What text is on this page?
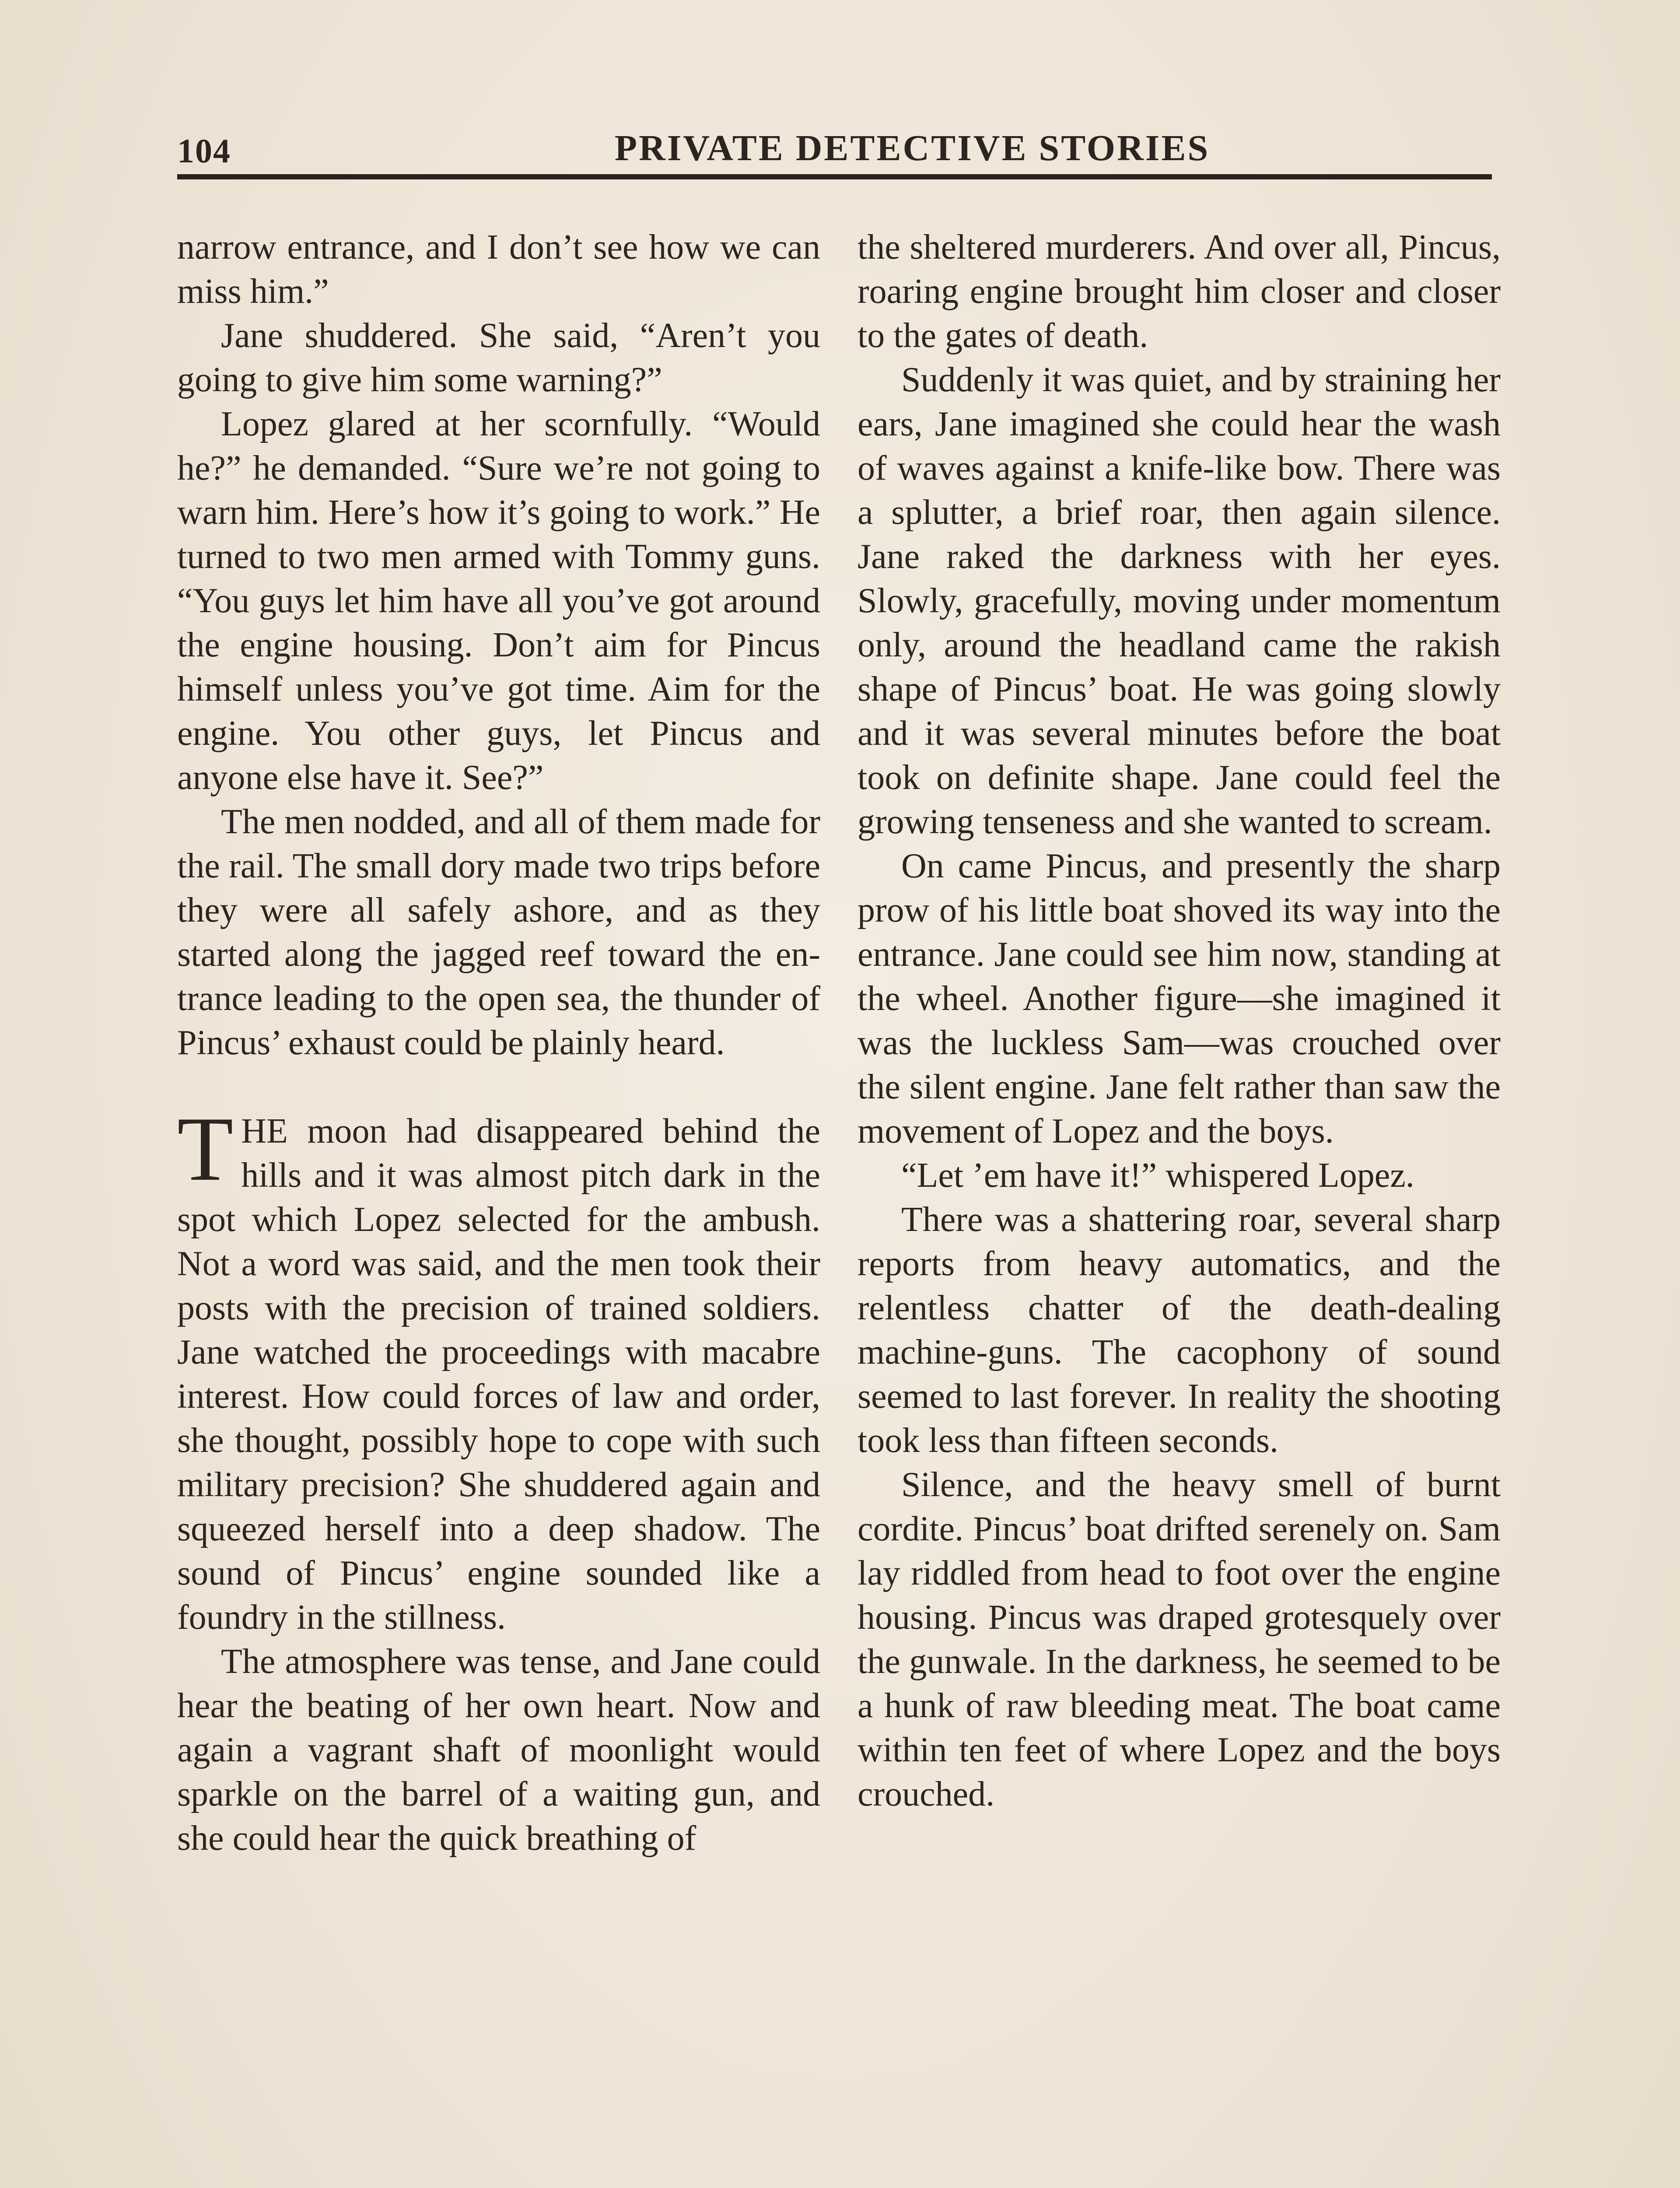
104	PRIVATE DETECTIVE STORIES

narrow entrance, and I don’t see how we can miss him.”

Jane shuddered. She said, “Aren’t you going to give him some warning?”

Lopez glared at her scornfully. “Would he?” he demanded. “Sure we’re not going to warn him. Here’s how it’s going to work.” He turned to two men armed with Tommy guns. “You guys let him have all you’ve got around the engine housing. Don’t aim for Pincus himself unless you’ve got time. Aim for the engine. You other guys, let Pincus and anyone else have it. See?”

The men nodded, and all of them made for the rail. The small dory made two trips before they were all safely ashore, and as they started along the jagged reef toward the entrance leading to the open sea, the thunder of Pincus’ exhaust could be plainly heard.

THE moon had disappeared behind the hills and it was almost pitch dark in the spot which Lopez selected for the ambush. Not a word was said, and the men took their posts with the precision of trained soldiers. Jane watched the proceedings with macabre interest. How could forces of law and order, she thought, possibly hope to cope with such military precision? She shuddered again and squeezed herself into a deep shadow. The sound of Pincus’ engine sounded like a foundry in the stillness.

The atmosphere was tense, and Jane could hear the beating of her own heart. Now and again a vagrant shaft of moonlight would sparkle on the barrel of a waiting gun, and she could hear the quick breathing of

the sheltered murderers. And over all, Pincus, roaring engine brought him closer and closer to the gates of death.

Suddenly it was quiet, and by straining her ears, Jane imagined she could hear the wash of waves against a knife-like bow. There was a splutter, a brief roar, then again silence. Jane raked the darkness with her eyes. Slowly, gracefully, moving under momentum only, around the headland came the rakish shape of Pincus’ boat. He was going slowly and it was several minutes before the boat took on definite shape. Jane could feel the growing tenseness and she wanted to scream.

On came Pincus, and presently the sharp prow of his little boat shoved its way into the entrance. Jane could see him now, standing at the wheel. Another figure—she imagined it was the luckless Sam—was crouched over the silent engine. Jane felt rather than saw the movement of Lopez and the boys.

“Let ’em have it!” whispered Lopez.

There was a shattering roar, several sharp reports from heavy automatics, and the relentless chatter of the death-dealing machine-guns. The cacophony of sound seemed to last forever. In reality the shooting took less than fifteen seconds.

Silence, and the heavy smell of burnt cordite. Pincus’ boat drifted serenely on. Sam lay riddled from head to foot over the engine housing. Pincus was draped grotesquely over the gunwale. In the darkness, he seemed to be a hunk of raw bleeding meat. The boat came within ten feet of where Lopez and the boys crouched.
